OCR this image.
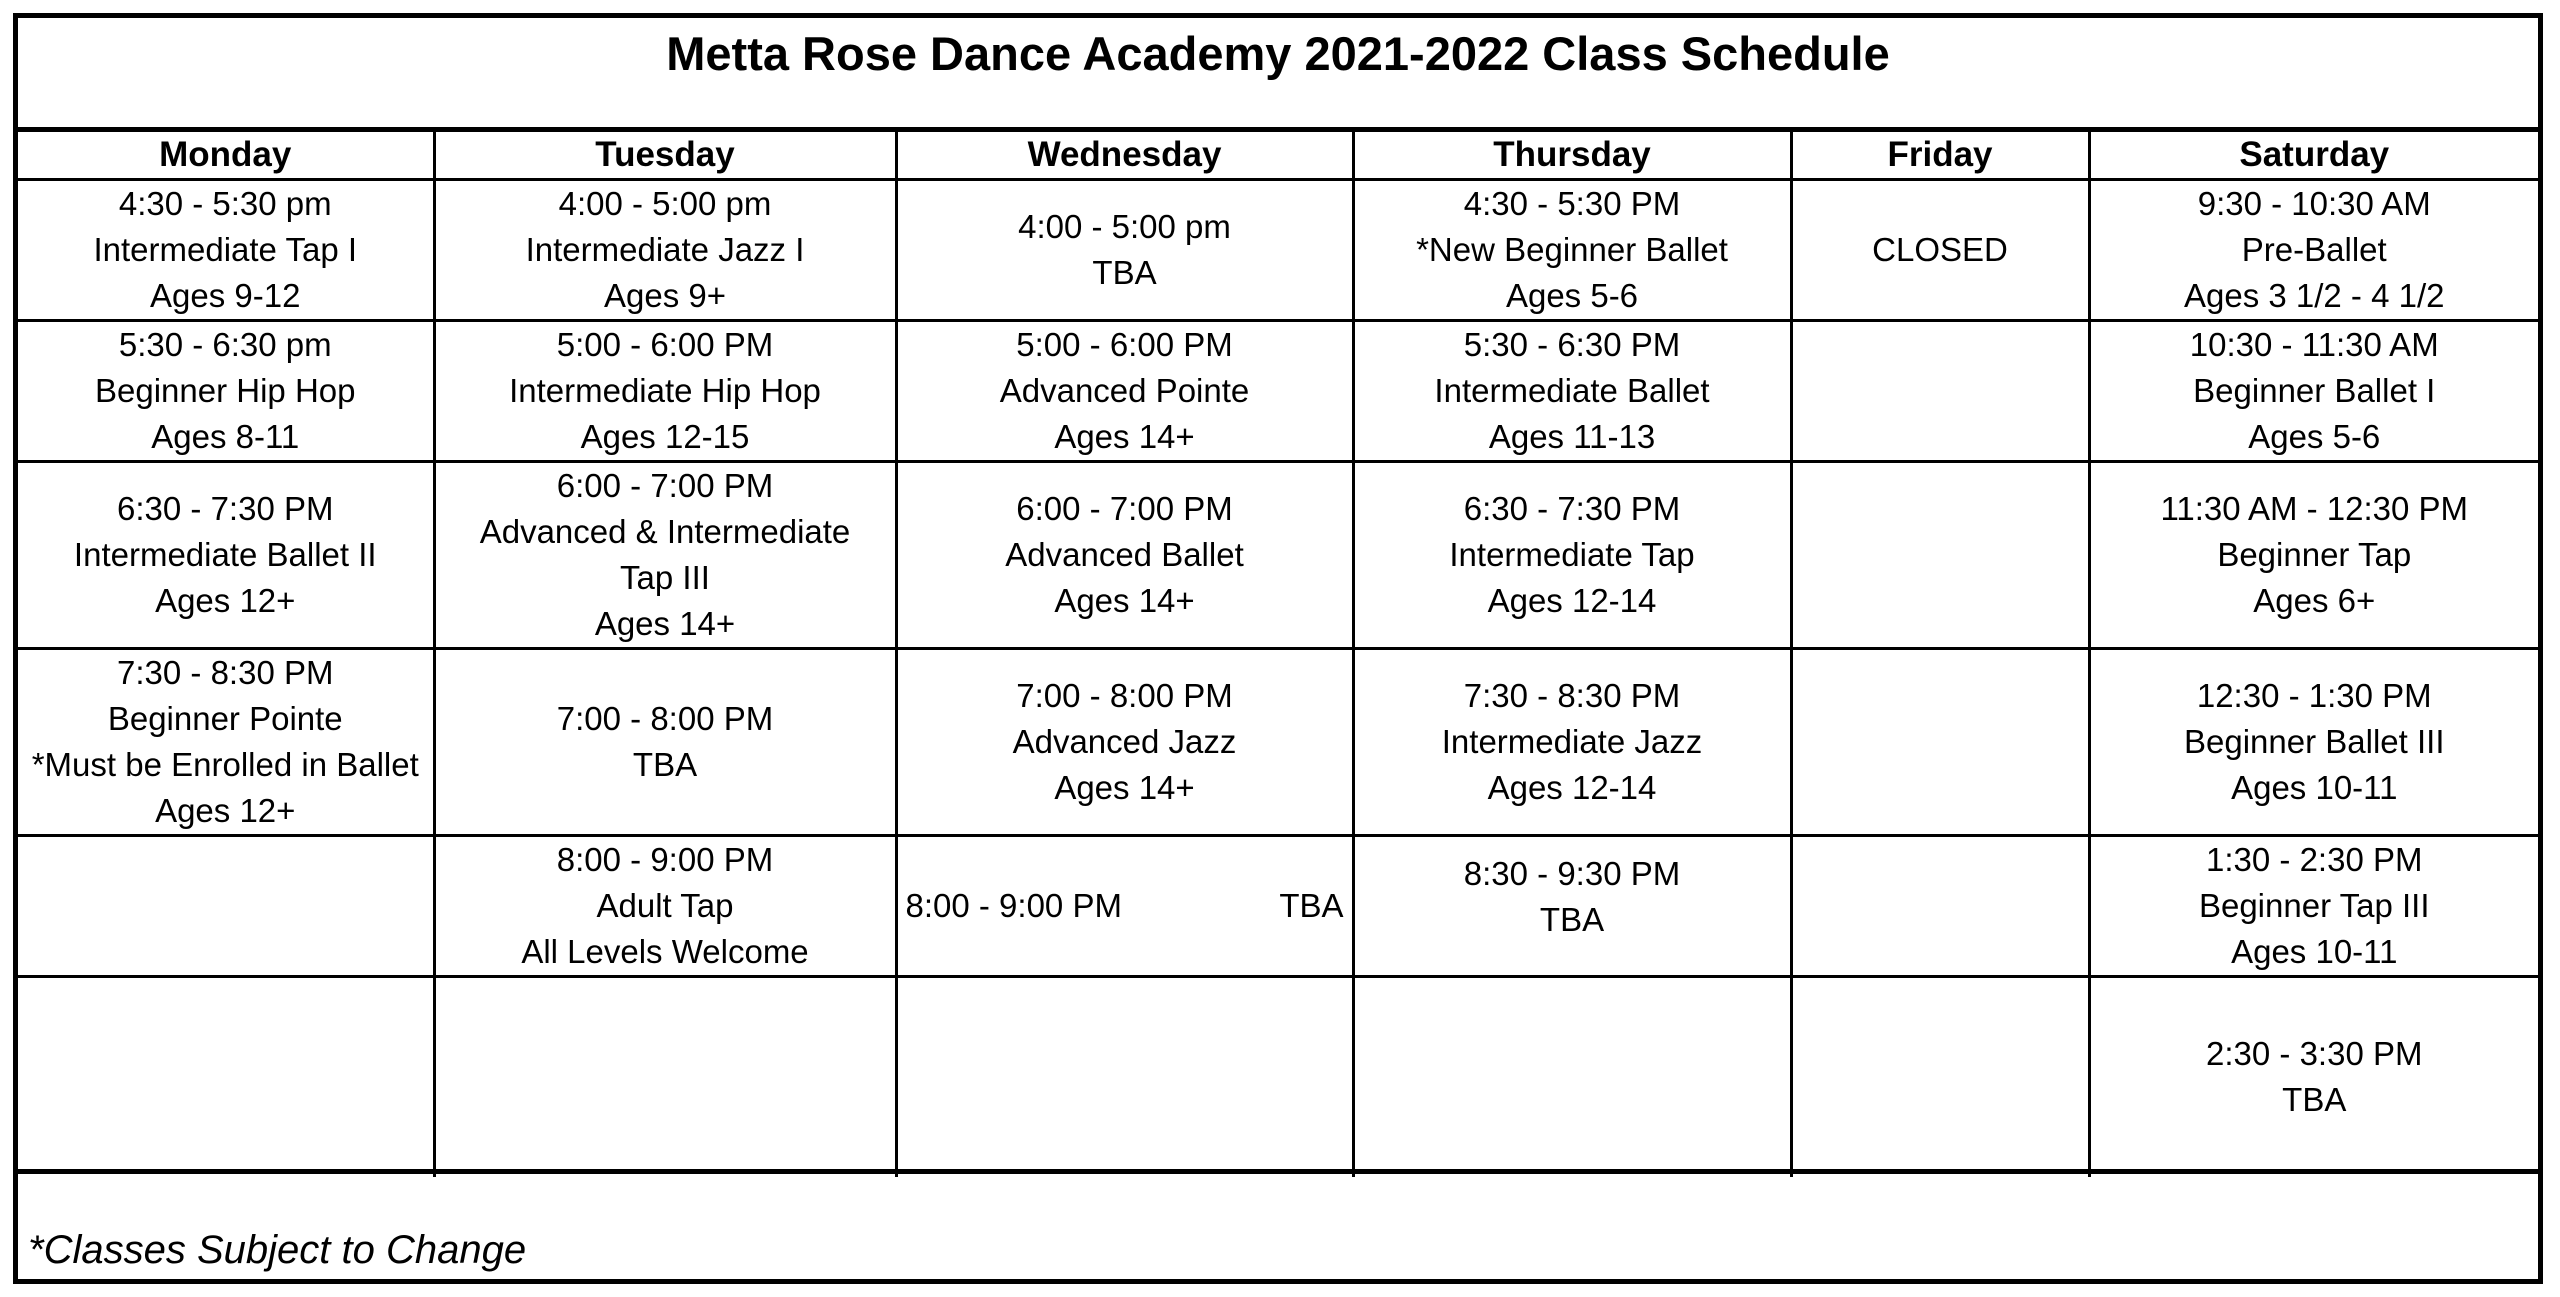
Metta Rose Dance Academy 2021-2022 Class Schedule
Monday	Tuesday	Wednesday	Thursday	Friday	Saturday

4:30 - 5:30 pm
Intermediate Tap I
Ages 9-12	4:00 - 5:00 pm
Intermediate Jazz I
Ages 9+	4:00 - 5:00 pm
TBA	4:30 - 5:30 PM
*New Beginner Ballet
Ages 5-6	CLOSED	9:30 - 10:30 AM
Pre-Ballet
Ages 3 1/2 - 4 1/2

5:30 - 6:30 pm
Beginner Hip Hop
Ages 8-11	5:00 - 6:00 PM
Intermediate Hip Hop
Ages 12-15	5:00 - 6:00 PM
Advanced Pointe
Ages 14+	5:30 - 6:30 PM
Intermediate Ballet
Ages 11-13		10:30 - 11:30 AM
Beginner Ballet I
Ages 5-6

6:30 - 7:30 PM
Intermediate Ballet II
Ages 12+	6:00 - 7:00 PM
Advanced & Intermediate
Tap III
Ages 14+	6:00 - 7:00 PM
Advanced Ballet
Ages 14+	6:30 - 7:30 PM
Intermediate Tap
Ages 12-14		11:30 AM - 12:30 PM
Beginner Tap
Ages 6+

7:30 - 8:30 PM
Beginner Pointe
*Must be Enrolled in Ballet
Ages 12+	7:00 - 8:00 PM
TBA	7:00 - 8:00 PM
Advanced Jazz
Ages 14+	7:30 - 8:30 PM
Intermediate Jazz
Ages 12-14		12:30 - 1:30 PM
Beginner Ballet III
Ages 10-11

	8:00 - 9:00 PM
Adult Tap
All Levels Welcome	8:00 - 9:00 PM TBA	8:30 - 9:30 PM
TBA		1:30 - 2:30 PM
Beginner Tap III
Ages 10-11

					2:30 - 3:30 PM
TBA
*Classes Subject to Change
